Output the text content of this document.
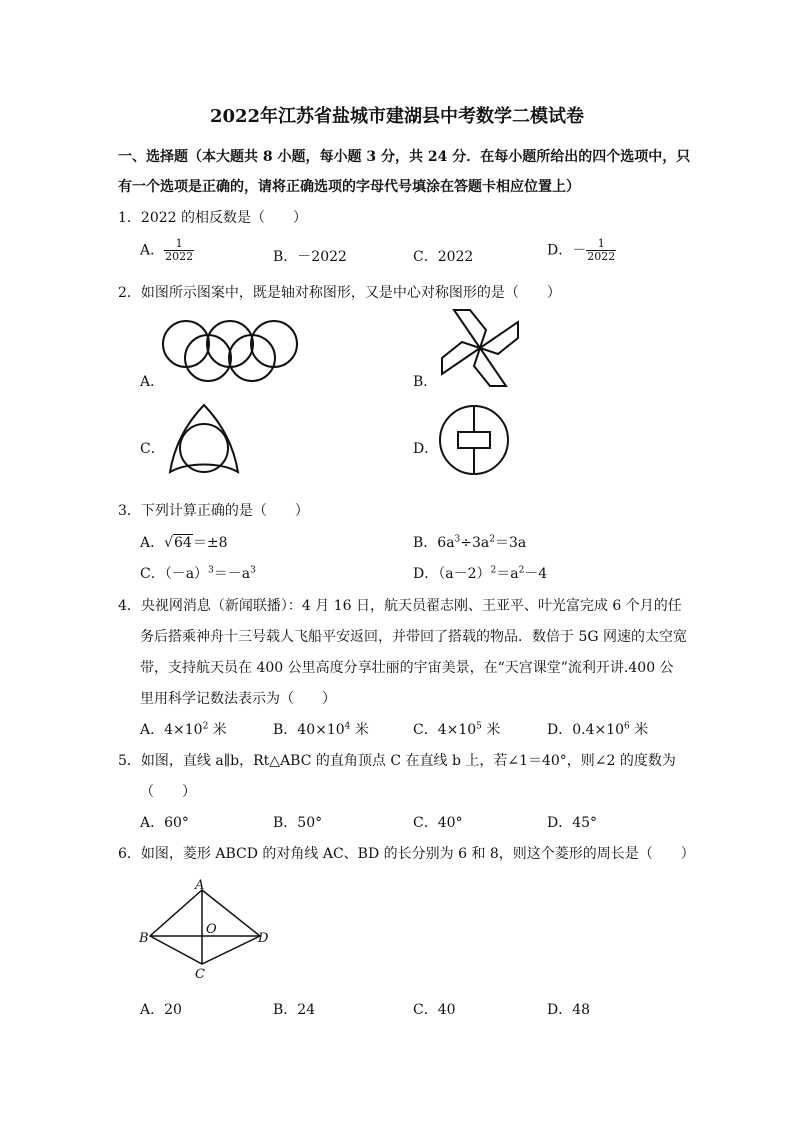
2022年江苏省盐城市建湖县中考数学二模试卷
一、选择题（本大题共 8 小题，每小题 3 分，共 24 分．在每小题所给出的四个选项中，只
有一个选项是正确的，请将正确选项的字母代号填涂在答题卡相应位置上）
1．2022 的相反数是（　　）
A． $\frac{1}{2022}$	B．－2022	C．2022	D．－ $\frac{1}{2022}$
2．如图所示图案中，既是轴对称图形，又是中心对称图形的是（　　）
A．	B．
C．	D．
3．下列计算正确的是（　　）
A．√64＝±8	B．$6a^3\div 3a^2=3a$
C．$(-a)^3=-a^3$	D．$(a-2)^2=a^2-4$
4．央视网消息（新闻联播）：4 月 16 日，航天员翟志刚、王亚平、叶光富完成 6 个月的任
务后搭乘神舟十三号载人飞船平安返回，并带回了搭载的物品．数倍于 5G 网速的太空宽
带，支持航天员在 400 公里高度分享壮丽的宇宙美景，在“天宫课堂”流利开讲.400 公
里用科学记数法表示为（　　）
A．$4\times 10^2$ 米	B．$40\times 10^4$ 米	C．$4\times 10^5$ 米	D．$0.4\times 10^6$ 米
5．如图，直线 a∥b，Rt△ABC 的直角顶点 C 在直线 b 上，若∠1＝40°，则∠2 的度数为
（　　）
A．60°	B．50°	C．40°	D．45°
6．如图，菱形 ABCD 的对角线 AC、BD 的长分别为 6 和 8，则这个菱形的周长是（　　）
A
B
C
D
O
A．20	B．24	C．40	D．48
